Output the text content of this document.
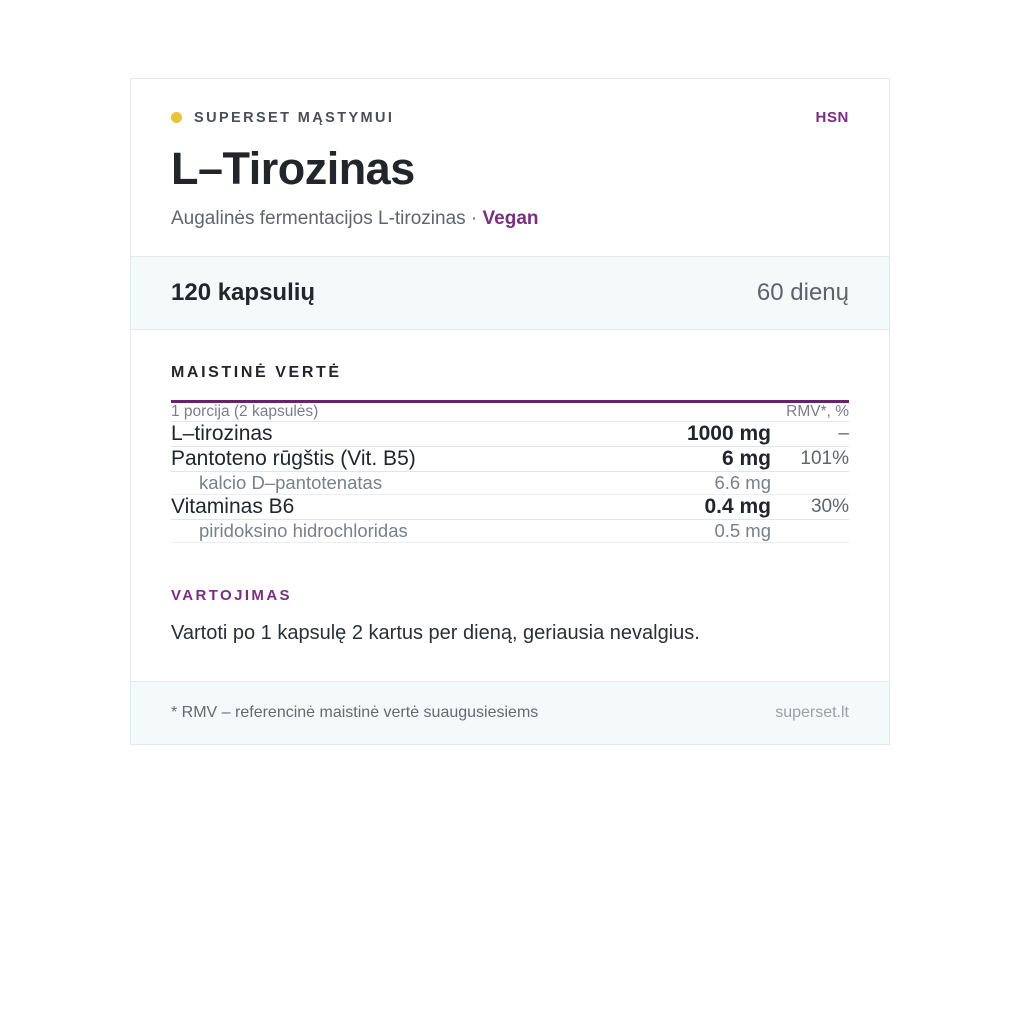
SUPERSET MĄSTYMUI	HSN
L–Tirozinas
Augalinės fermentacijos L-tirozinas · Vegan
120 kapsulių	60 dienų
MAISTINĖ VERTĖ
1 porcija (2 kapsulės)		RMV*, %
L–tirozinas	1000 mg	–
Pantoteno rūgštis (Vit. B5)	6 mg	101%
kalcio D–pantotenatas	6.6 mg	
Vitaminas B6	0.4 mg	30%
piridoksino hidrochloridas	0.5 mg	
VARTOJIMAS
Vartoti po 1 kapsulę 2 kartus per dieną, geriausia nevalgius.
* RMV – referencinė maistinė vertė suaugusiesiems	superset.lt
